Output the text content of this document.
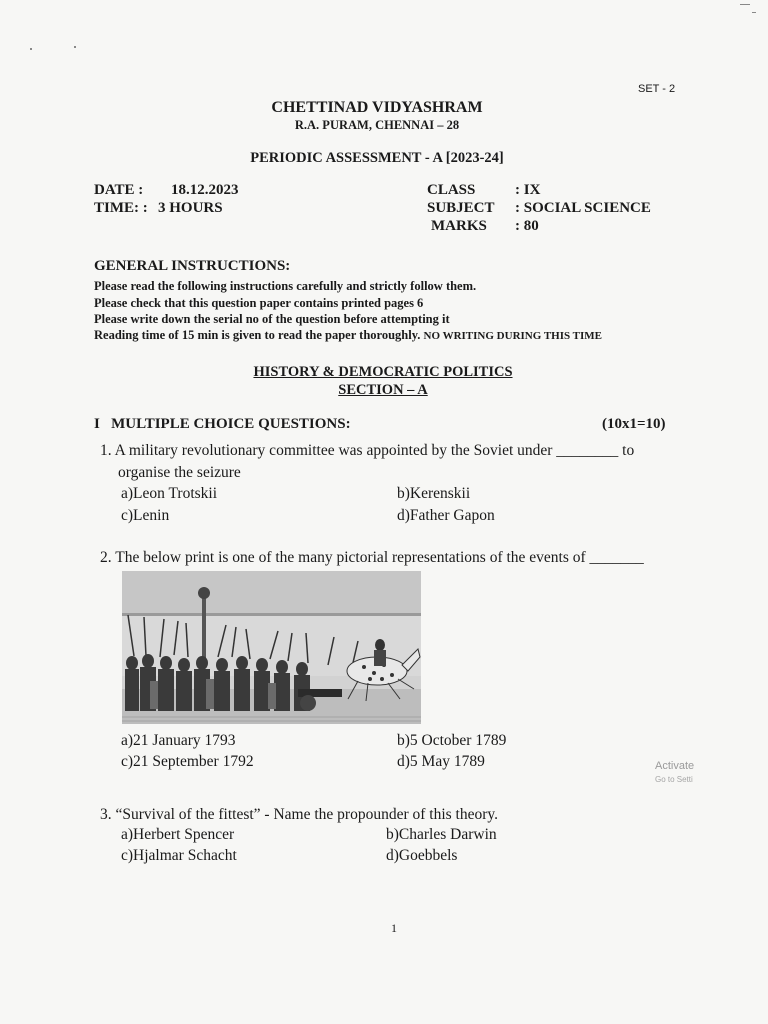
SET - 2
CHETTINAD VIDYASHRAM
R.A. PURAM, CHENNAI – 28
PERIODIC ASSESSMENT - A [2023-24]
DATE : 18.12.2023
TIME: : 3 HOURS
CLASS	: IX
SUBJECT : SOCIAL SCIENCE
MARKS : 80
GENERAL INSTRUCTIONS:
Please read the following instructions carefully and strictly follow them.
Please check that this question paper contains printed pages 6
Please write down the serial no of the question before attempting it
Reading time of 15 min is given to read the paper thoroughly. NO WRITING DURING THIS TIME
HISTORY & DEMOCRATIC POLITICS
SECTION – A
I   MULTIPLE CHOICE QUESTIONS:	(10x1=10)
1. A military revolutionary committee was appointed by the Soviet under ________ to
organise the seizure
a)Leon Trotskii	b)Kerenskii
c)Lenin	d)Father Gapon
2. The below print is one of the many pictorial representations of the events of _______
a)21 January 1793	b)5 October 1789
c)21 September 1792	d)5 May 1789
3. “Survival of the fittest” - Name the propounder of this theory.
a)Herbert Spencer	b)Charles Darwin
c)Hjalmar Schacht	d)Goebbels
1
Activate
Go to Setti
